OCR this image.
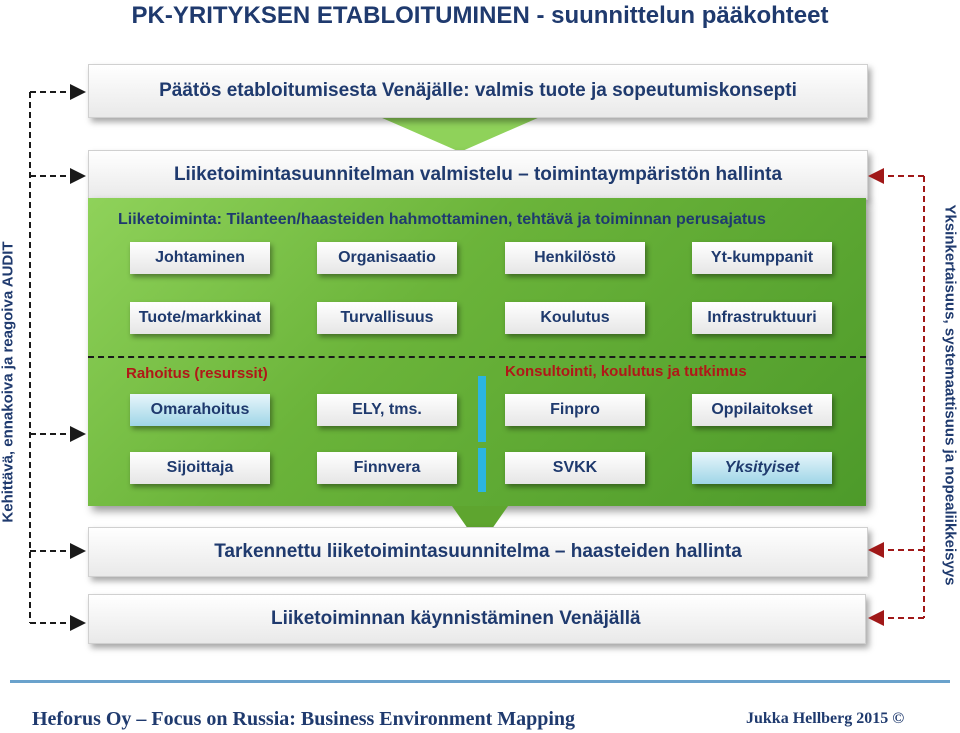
PK-YRITYKSEN ETABLOITUMINEN - suunnittelun pääkohteet
Päätös etabloitumisesta Venäjälle: valmis tuote ja sopeutumiskonsepti
Liiketoimintasuunnitelman valmistelu – toimintaympäristön hallinta
Liiketoiminta: Tilanteen/haasteiden hahmottaminen, tehtävä ja toiminnan perusajatus
Johtaminen	Organisaatio	Henkilöstö	Yt-kumppanit
Tuote/markkinat	Turvallisuus	Koulutus	Infrastruktuuri
Rahoitus (resurssit)	Konsultointi, koulutus ja tutkimus
Omarahoitus	ELY, tms.	Finpro	Oppilaitokset
Sijoittaja	Finnvera	SVKK	Yksityiset
Tarkennettu liiketoimintasuunnitelma – haasteiden hallinta
Liiketoiminnan käynnistäminen Venäjällä
Kehittävä, ennakoiva ja reagoiva AUDIT	Yksinkertaisuus, systemaattisuus ja nopealiikkeisyys
Heforus Oy – Focus on Russia: Business Environment Mapping	Jukka Hellberg 2015 ©
